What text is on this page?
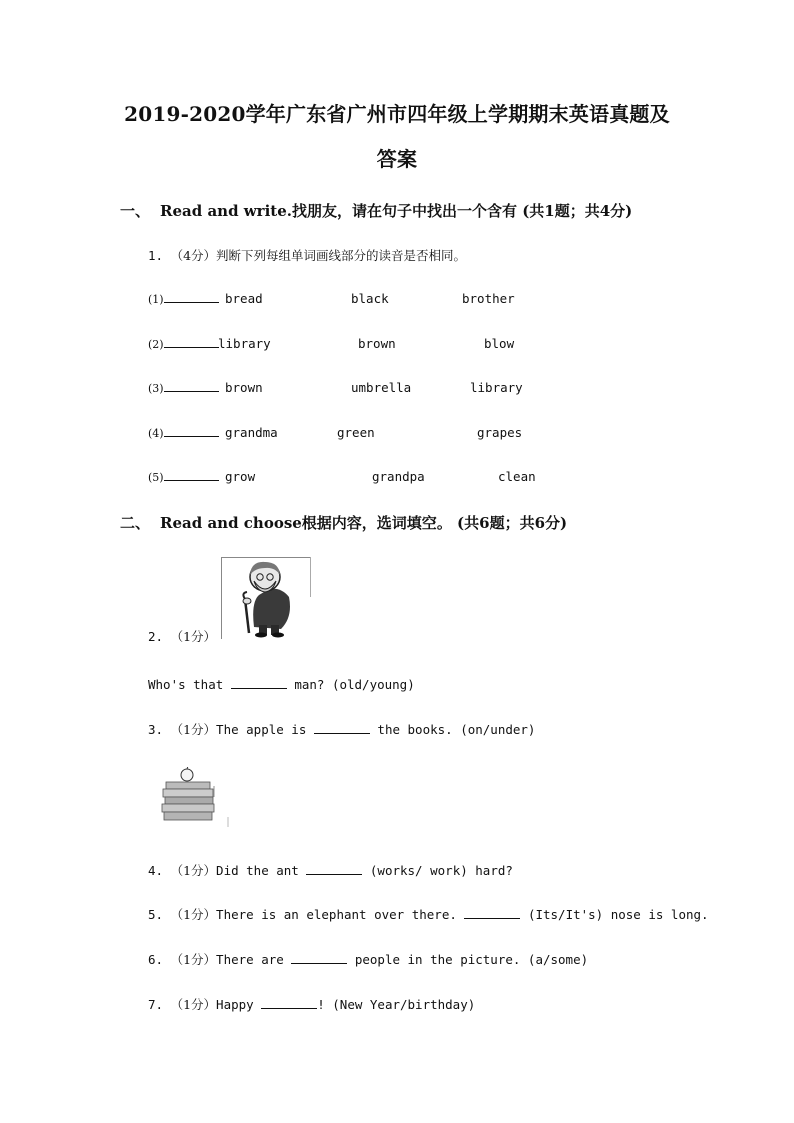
2019-2020学年广东省广州市四年级上学期期末英语真题及
答案
一、 Read and write.找朋友，请在句子中找出一个含有 (共1题；共4分)
1. （4分）判断下列每组单词画线部分的读音是否相同。
(1)	bread	black	brother
(2)	library	brown	blow
(3)	brown	umbrella	library
(4)	grandma	green	grapes
(5)	grow	grandpa	clean
二、 Read and choose根据内容，选词填空。 (共6题；共6分)
2. （1分）
Who's that	man? (old/young)
3. （1分）The apple is	the books. (on/under)
4. （1分）Did the ant	(works/ work) hard?
5. （1分）There is an elephant over there.	(Its/It's) nose is long.
6. （1分）There are	people in the picture. (a/some)
7. （1分）Happy	! (New Year/birthday)
